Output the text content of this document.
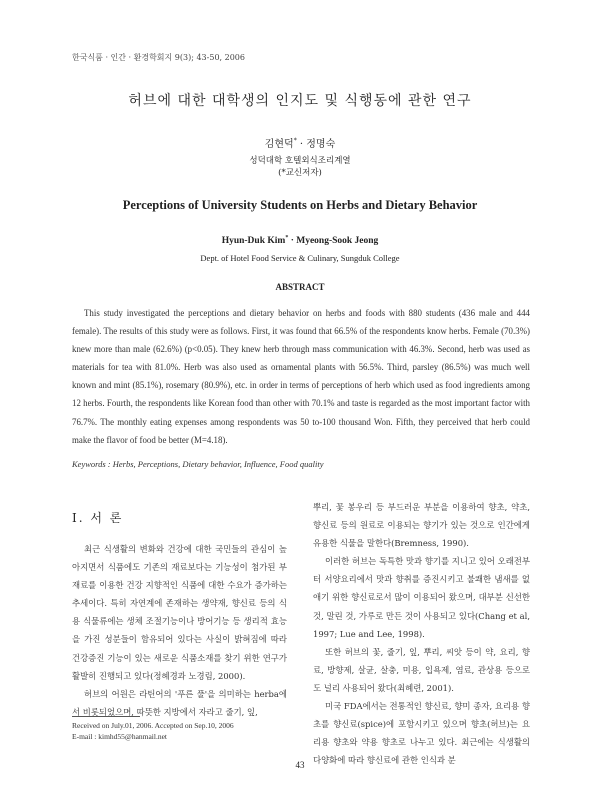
한국식품 · 인간 · 환경학회지 9(3); 43-50, 2006
허브에 대한 대학생의 인지도 및 식행동에 관한 연구
김현덕* · 정명숙
성덕대학 호텔외식조리계열
(*교신저자)
Perceptions of University Students on Herbs and Dietary Behavior
Hyun-Duk Kim* · Myeong-Sook Jeong
Dept. of Hotel Food Service & Culinary, Sungduk College
ABSTRACT
This study investigated the perceptions and dietary behavior on herbs and foods with 880 students (436 male and 444 female). The results of this study were as follows. First, it was found that 66.5% of the respondents know herbs. Female (70.3%) knew more than male (62.6%) (p<0.05). They knew herb through mass communication with 46.3%. Second, herb was used as materials for tea with 81.0%. Herb was also used as ornamental plants with 56.5%. Third, parsley (86.5%) was much well known and mint (85.1%), rosemary (80.9%), etc. in order in terms of perceptions of herb which used as food ingredients among 12 herbs. Fourth, the respondents like Korean food than other with 70.1% and taste is regarded as the most important factor with 76.7%. The monthly eating expenses among respondents was 50 to-100 thousand Won. Fifth, they perceived that herb could make the flavor of food be better (M=4.18).
Keywords : Herbs, Perceptions, Dietary behavior, Influence, Food quality
Ⅰ. 서 론

최근 식생활의 변화와 건강에 대한 국민들의 관심이 높아지면서 식품에도 기존의 재료보다는 기능성이 첨가된 부재료를 이용한 건강 지향적인 식품에 대한 수요가 증가하는 추세이다. 특히 자연계에 존재하는 생약재, 향신료 등의 식용 식물류에는 생체 조절기능이나 방어기능 등 생리적 효능을 가진 성분들이 함유되어 있다는 사실이 밝혀짐에 따라 건강증진 기능이 있는 새로운 식품소재를 찾기 위한 연구가 활발히 진행되고 있다(정혜경과 노경림, 2000).

허브의 어원은 라틴어의 '푸른 풀'을 의미하는 herba에서 비롯되었으며, 따뜻한 지방에서 자라고 줄기, 잎,

뿌리, 꽃 봉우리 등 부드러운 부분을 이용하여 향초, 약초, 향신료 등의 원료로 이용되는 향기가 있는 것으로 인간에게 유용한 식물을 말한다(Bremness, 1990).

이러한 허브는 독특한 맛과 향기를 지니고 있어 오래전부터 서양요리에서 맛과 향취를 증진시키고 불쾌한 냄새를 없애기 위한 향신료로서 많이 이용되어 왔으며, 대부분 신선한 것, 말린 것, 가루로 만든 것이 사용되고 있다(Chang et al, 1997; Lue and Lee, 1998).

또한 허브의 꽃, 줄기, 잎, 뿌리, 씨앗 등이 약, 요리, 향료, 방향제, 살균, 살충, 미용, 입욕제, 염료, 관상용 등으로도 널리 사용되어 왔다(최혜련, 2001).

미국 FDA에서는 전통적인 향신료, 향미 종자, 요리용 향초를 향신료(spice)에 포함시키고 있으며 향초(허브)는 요리용 향초와 약용 향초로 나누고 있다. 최근에는 식생활의 다양화에 따라 향신료에 관한 인식과 분

Received on July.01, 2006. Accepted on Sep.10, 2006
E-mail : kimhd55@hanmail.net
43
